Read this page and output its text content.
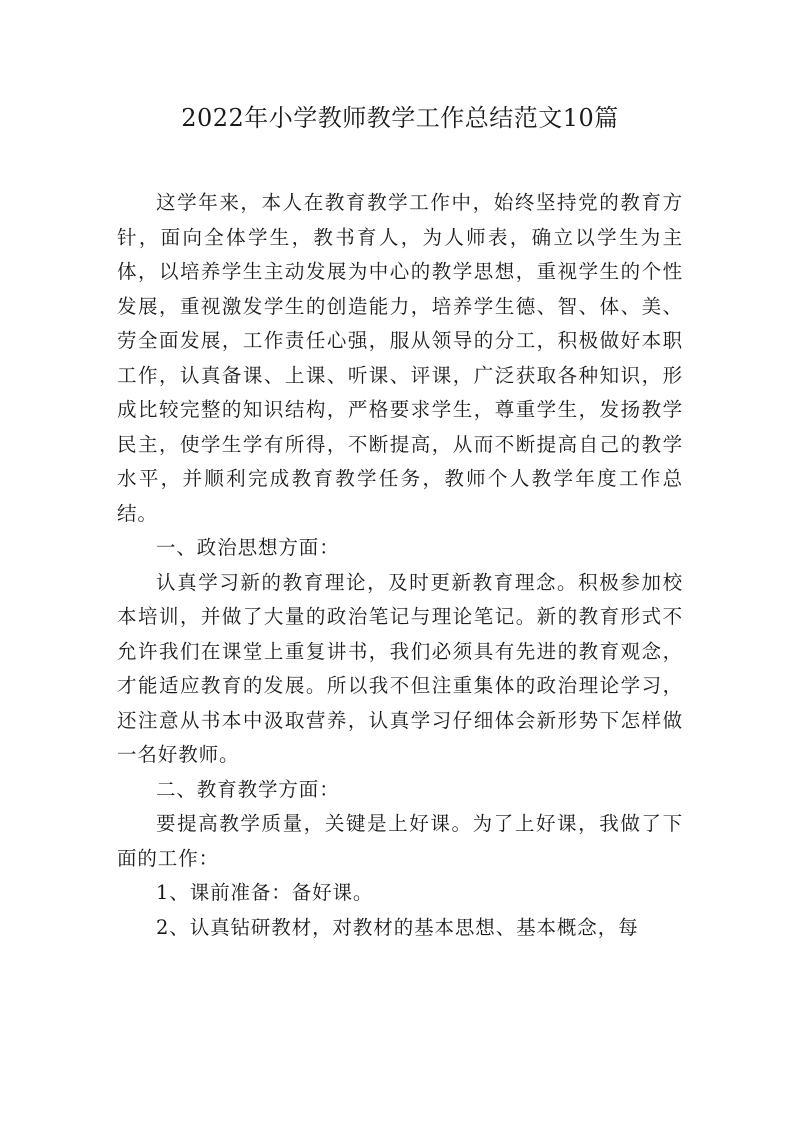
2022年小学教师教学工作总结范文10篇

这学年来，本人在教育教学工作中，始终坚持党的教育方针，面向全体学生，教书育人，为人师表，确立以学生为主体，以培养学生主动发展为中心的教学思想，重视学生的个性发展，重视激发学生的创造能力，培养学生德、智、体、美、劳全面发展，工作责任心强，服从领导的分工，积极做好本职工作，认真备课、上课、听课、评课，广泛获取各种知识，形成比较完整的知识结构，严格要求学生，尊重学生，发扬教学民主，使学生学有所得，不断提高，从而不断提高自己的教学水平，并顺利完成教育教学任务，教师个人教学年度工作总结。

一、政治思想方面：

认真学习新的教育理论，及时更新教育理念。积极参加校本培训，并做了大量的政治笔记与理论笔记。新的教育形式不允许我们在课堂上重复讲书，我们必须具有先进的教育观念，才能适应教育的发展。所以我不但注重集体的政治理论学习，还注意从书本中汲取营养，认真学习仔细体会新形势下怎样做一名好教师。

二、教育教学方面：

要提高教学质量，关键是上好课。为了上好课，我做了下面的工作：

1、课前准备：备好课。

2、认真钻研教材，对教材的基本思想、基本概念，每
